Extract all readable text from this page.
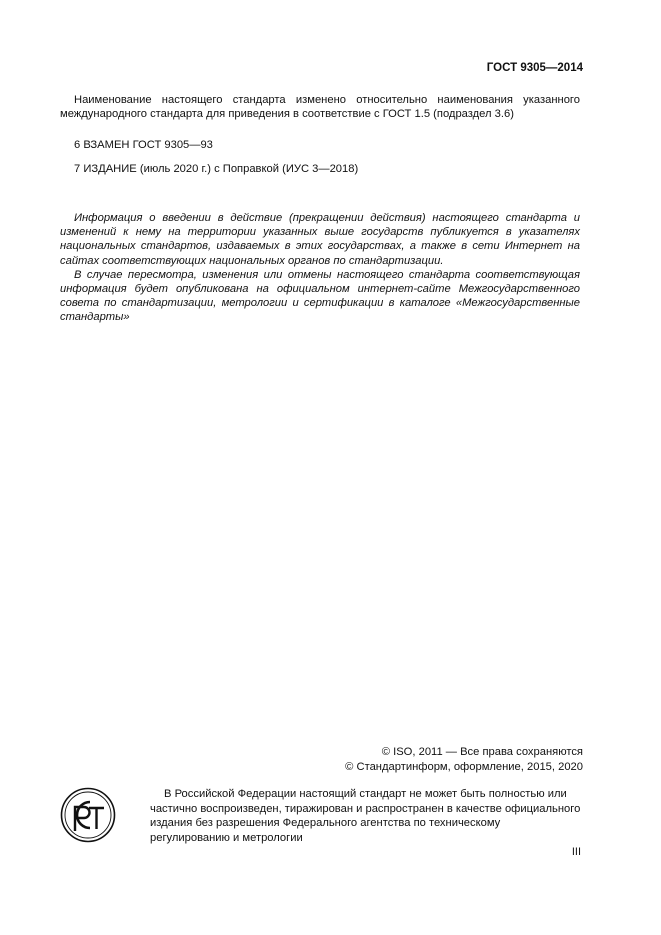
ГОСТ 9305—2014

Наименование настоящего стандарта изменено относительно наименования указанного международного стандарта для приведения в соответствие с ГОСТ 1.5 (подраздел 3.6)

6 ВЗАМЕН ГОСТ 9305—93

7 ИЗДАНИЕ (июль 2020 г.) с Поправкой (ИУС 3—2018)

Информация о введении в действие (прекращении действия) настоящего стандарта и изменений к нему на территории указанных выше государств публикуется в указателях национальных стандартов, издаваемых в этих государствах, а также в сети Интернет на сайтах соответствующих национальных органов по стандартизации.

В случае пересмотра, изменения или отмены настоящего стандарта соответствующая информация будет опубликована на официальном интернет-сайте Межгосударственного совета по стандартизации, метрологии и сертификации в каталоге «Межгосударственные стандарты»

© ISO, 2011 — Все права сохраняются
© Стандартинформ, оформление, 2015, 2020

В Российской Федерации настоящий стандарт не может быть полностью или частично воспроизведен, тиражирован и распространен в качестве официального издания без разрешения Федерального агентства по техническому регулированию и метрологии

III
